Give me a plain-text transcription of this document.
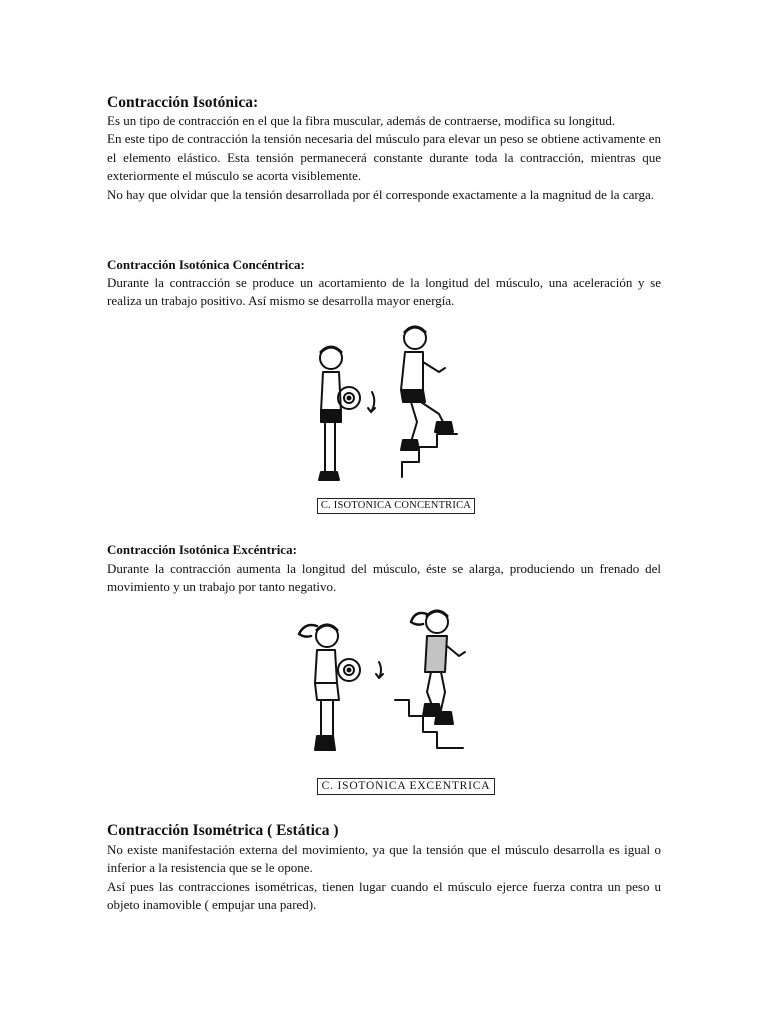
Contracción Isotónica:

Es un tipo de contracción en el que la fibra muscular, además de contraerse, modifica su longitud.

En este tipo de contracción la tensión necesaria del músculo para elevar un peso se obtiene activamente en el elemento elástico. Esta tensión permanecerá constante durante toda la contracción, mientras que exteriormente el músculo se acorta visiblemente.

No hay que olvidar que la tensión desarrollada por él corresponde exactamente a la magnitud de la carga.

Contracción Isotónica Concéntrica:

Durante la contracción se produce un acortamiento de la longitud del músculo, una aceleración y se realiza un trabajo positivo. Así mismo se desarrolla mayor energía.

C. ISOTONICA CONCENTRICA
Contracción Isotónica Excéntrica:

Durante la contracción aumenta la longitud del músculo, éste se alarga, produciendo un frenado del movimiento y un trabajo por tanto negativo.

C. ISOTONICA EXCENTRICA
Contracción Isométrica ( Estática )

No existe manifestación externa del movimiento, ya que la tensión que el músculo desarrolla es igual o inferior a la resistencia que se le opone.

Así pues las contracciones isométricas, tienen lugar cuando el músculo ejerce fuerza contra un peso u objeto inamovible ( empujar una pared).
